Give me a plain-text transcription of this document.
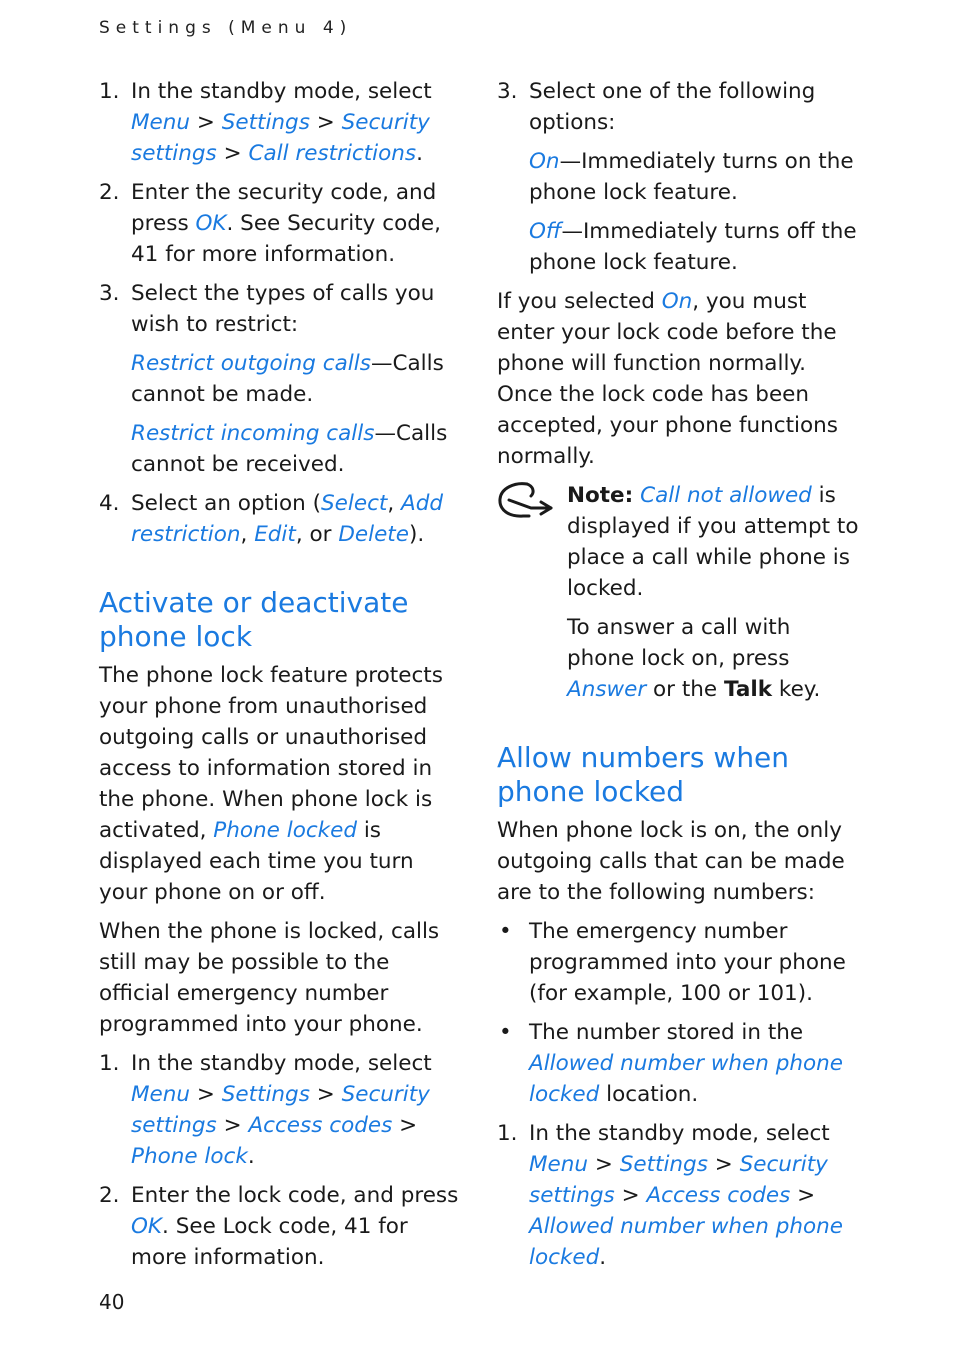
Settings (Menu 4)
1. In the standby mode, select Menu > Settings > Security settings > Call restrictions.
2. Enter the security code, and press OK. See Security code, 41 for more information.
3. Select the types of calls you wish to restrict:
Restrict outgoing calls—Calls cannot be made.
Restrict incoming calls—Calls cannot be received.
4. Select an option (Select, Add restriction, Edit, or Delete).
Activate or deactivate phone lock
The phone lock feature protects your phone from unauthorised outgoing calls or unauthorised access to information stored in the phone. When phone lock is activated, Phone locked is displayed each time you turn your phone on or off.
When the phone is locked, calls still may be possible to the official emergency number programmed into your phone.
1. In the standby mode, select Menu > Settings > Security settings > Access codes > Phone lock.
2. Enter the lock code, and press OK. See Lock code, 41 for more information.
3. Select one of the following options:
On—Immediately turns on the phone lock feature.
Off—Immediately turns off the phone lock feature.
If you selected On, you must enter your lock code before the phone will function normally. Once the lock code has been accepted, your phone functions normally.
Note: Call not allowed is displayed if you attempt to place a call while phone is locked.
To answer a call with phone lock on, press Answer or the Talk key.
Allow numbers when phone locked
When phone lock is on, the only outgoing calls that can be made are to the following numbers:
• The emergency number programmed into your phone (for example, 100 or 101).
• The number stored in the Allowed number when phone locked location.
1. In the standby mode, select Menu > Settings > Security settings > Access codes > Allowed number when phone locked.
40
